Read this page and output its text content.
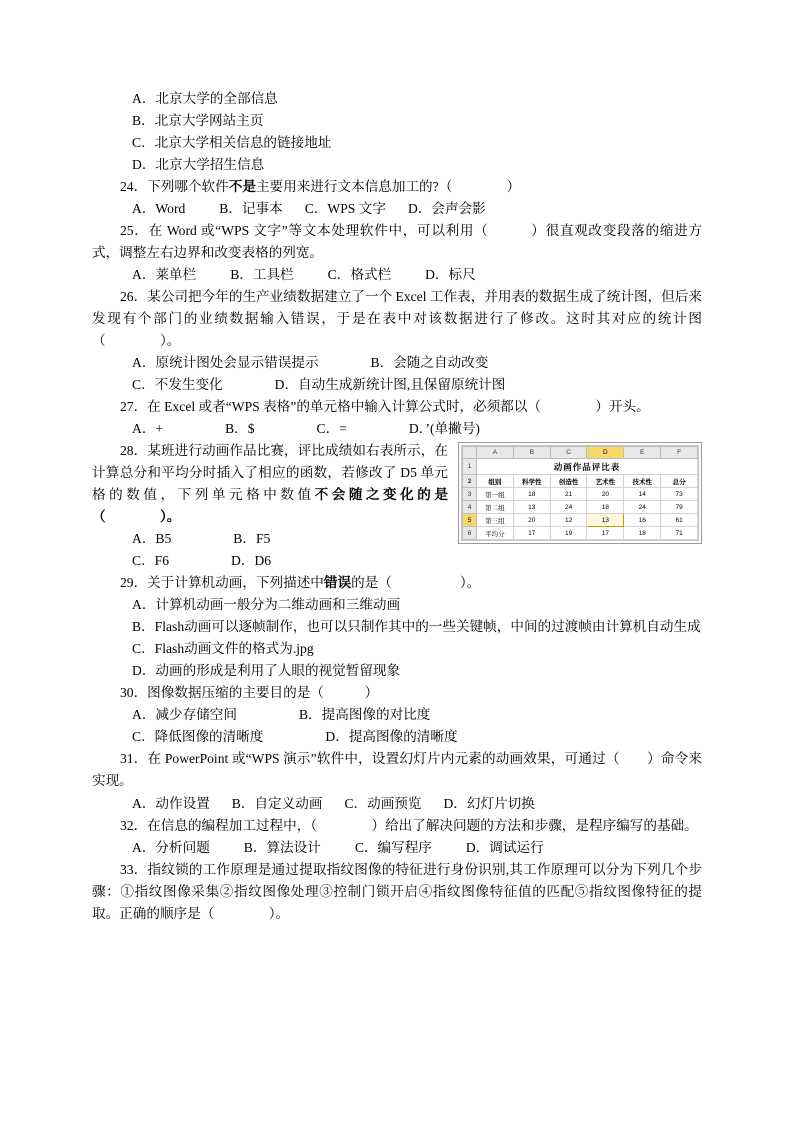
A．北京大学的全部信息

B．北京大学网站主页

C．北京大学相关信息的链接地址

D．北京大学招生信息

24．下列哪个软件不是主要用来进行文本信息加工的?（　　　　）

A．Word	B．记事本 C．WPS 文字 D．会声会影

25．在 Word 或“WPS 文字”等文本处理软件中，可以利用（　　　）很直观改变段落的缩进方式，调整左右边界和改变表格的列宽。

A．莱单栏	B．工具栏	C．格式栏	D．标尺

26．某公司把今年的生产业绩数据建立了一个 Excel 工作表，并用表的数据生成了统计图，但后来发现有个部门的业绩数据输入错误，于是在表中对该数据进行了修改。这时其对应的统计图（　　　　）。

A．原统计图处会显示错误提示	B．会随之自动改变

C．不发生变化	D．自动生成新统计图,且保留原统计图

27．在 Excel 或者“WPS 表格”的单元格中输入计算公式时，必须都以（　　　　）开头。

A．+	B．$	C．=	D．’(单撇号)

	A	B	C	D	E	F
1	动画作品评比表					
2	组别	科学性	创造性	艺术性	技术性	总分
3	第一组	18	21	20	14	73
4	第二组	13	24	18	24	79
5	第三组	20	12	13	16	61
6	平均分	17	19	17	18	71

28．某班进行动画作品比赛，评比成绩如右表所示，在计算总分和平均分时插入了相应的函数，若修改了 D5 单元格的数值，下列单元格中数值不会随之变化的是（　　　　）。

A．B5	B．F5

C．F6	D．D6

29．关于计算机动画，下列描述中错误的是（　　　　　）。

A．计算机动画一般分为二维动画和三维动画

B．Flash动画可以逐帧制作，也可以只制作其中的一些关键帧，中间的过渡帧由计算机自动生成

C．Flash动画文件的格式为.jpg

D．动画的形成是利用了人眼的视觉暂留现象

30．图像数据压缩的主要目的是（　　　）

A．减少存储空间	B．提高图像的对比度

C．降低图像的清晰度	D．提高图像的清晰度

31．在 PowerPoint 或“WPS 演示”软件中，设置幻灯片内元素的动画效果，可通过（　　）命令来实现。

A．动作设置 B．自定义动画 C．动画预览 D．幻灯片切换

32．在信息的编程加工过程中，（　　　　）给出了解决问题的方法和步骤，是程序编写的基础。

A．分析问题	B．算法设计	C．编写程序	D．调试运行

33．指纹锁的工作原理是通过提取指纹图像的特征进行身份识别,其工作原理可以分为下列几个步骤：①指纹图像采集②指纹图像处理③控制门锁开启④指纹图像特征值的匹配⑤指纹图像特征的提取。正确的顺序是（　　　　）。
